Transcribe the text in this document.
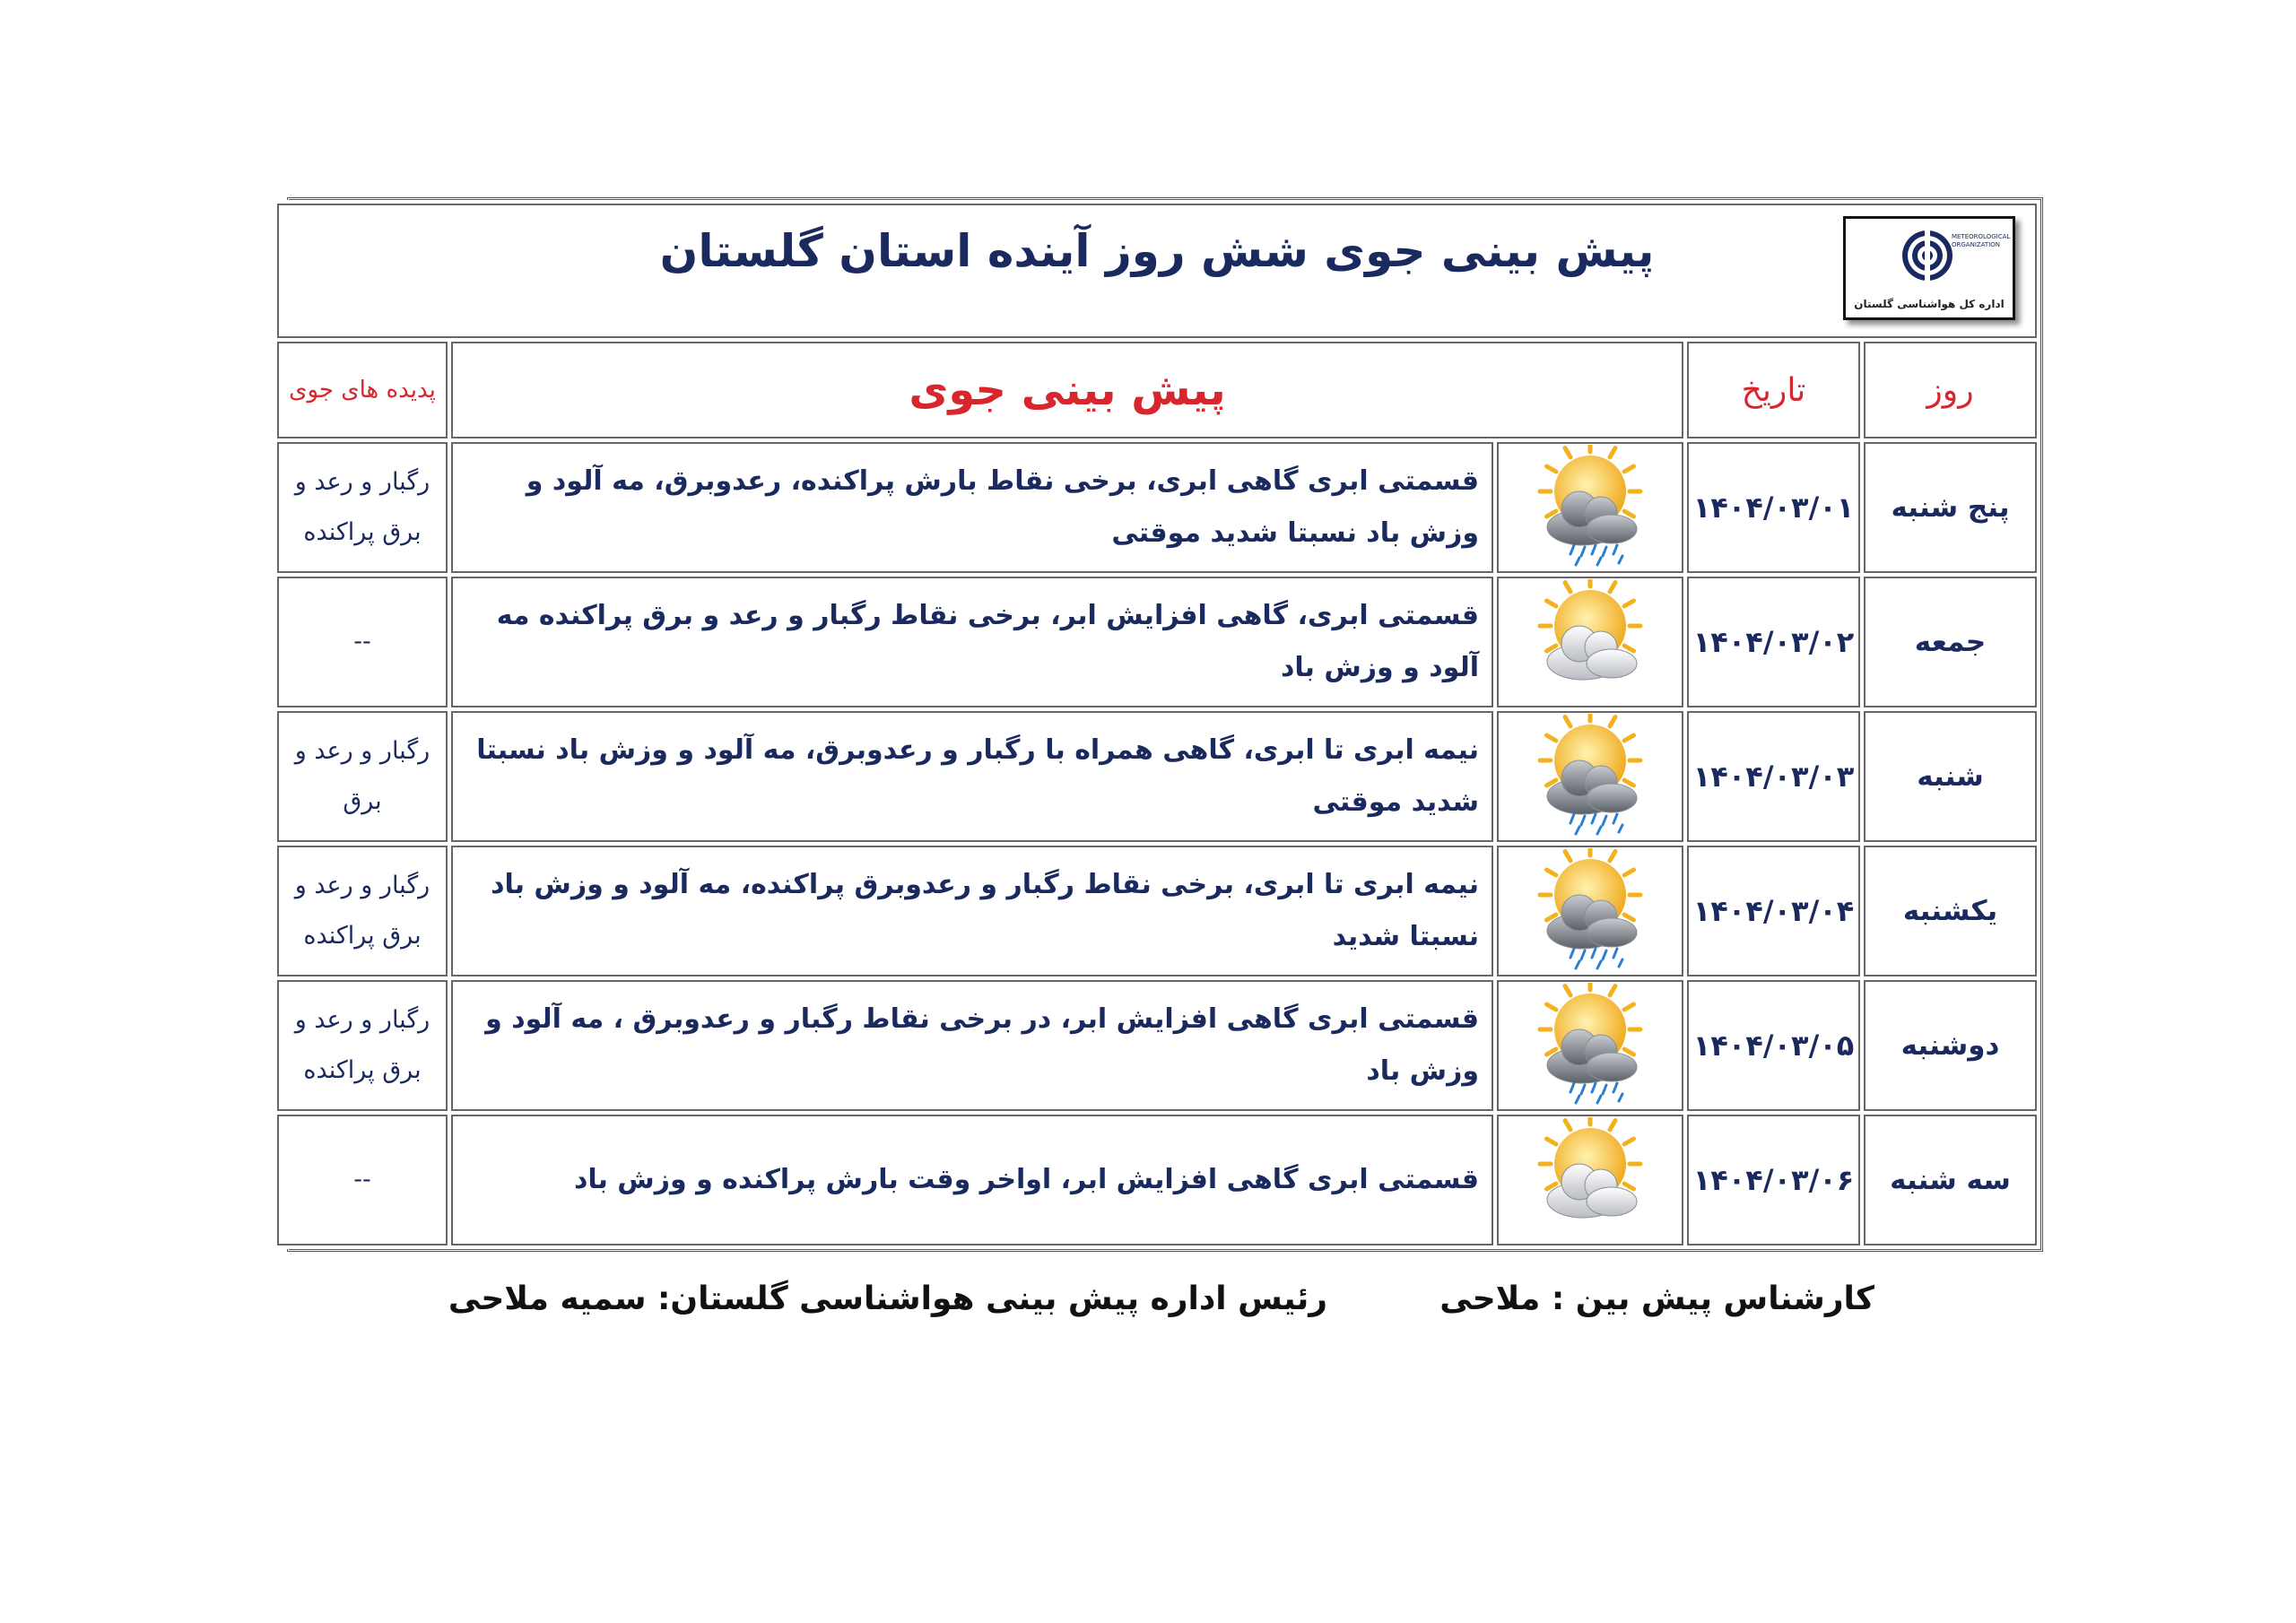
METEOROLOGICAL ORGANIZATION
اداره کل هواشناسی گلستان
پیش بینی جوی شش روز آینده استان گلستان				

روز	تاریخ	پیش بینی جوی		پدیده های جوی
پنج شنبه	۱۴۰۴/۰۳/۰۱		قسمتی ابری گاهی ابری، برخی نقاط بارش پراکنده، رعدوبرق، مه آلود و وزش باد نسبتا شدید موقتی	رگبار و رعد و برق پراکنده
جمعه	۱۴۰۴/۰۳/۰۲		قسمتی ابری، گاهی افزایش ابر، برخی نقاط رگبار و رعد و برق پراکنده مه آلود و وزش باد	--
شنبه	۱۴۰۴/۰۳/۰۳		نیمه ابری تا ابری، گاهی همراه با رگبار و رعدوبرق، مه آلود و وزش باد نسبتا شدید موقتی	رگبار و رعد و برق
یکشنبه	۱۴۰۴/۰۳/۰۴		نیمه ابری تا ابری، برخی نقاط رگبار و رعدوبرق پراکنده، مه آلود و وزش باد نسبتا شدید	رگبار و رعد و برق پراکنده
دوشنبه	۱۴۰۴/۰۳/۰۵		قسمتی ابری گاهی افزایش ابر، در برخی نقاط رگبار و رعدوبرق ، مه آلود و وزش باد	رگبار و رعد و برق پراکنده
سه شنبه	۱۴۰۴/۰۳/۰۶		قسمتی ابری گاهی افزایش ابر، اواخر وقت بارش پراکنده و وزش باد	--
کارشناس پیش بین : ملاحی
رئیس اداره پیش بینی هواشناسی گلستان: سمیه ملاحی
